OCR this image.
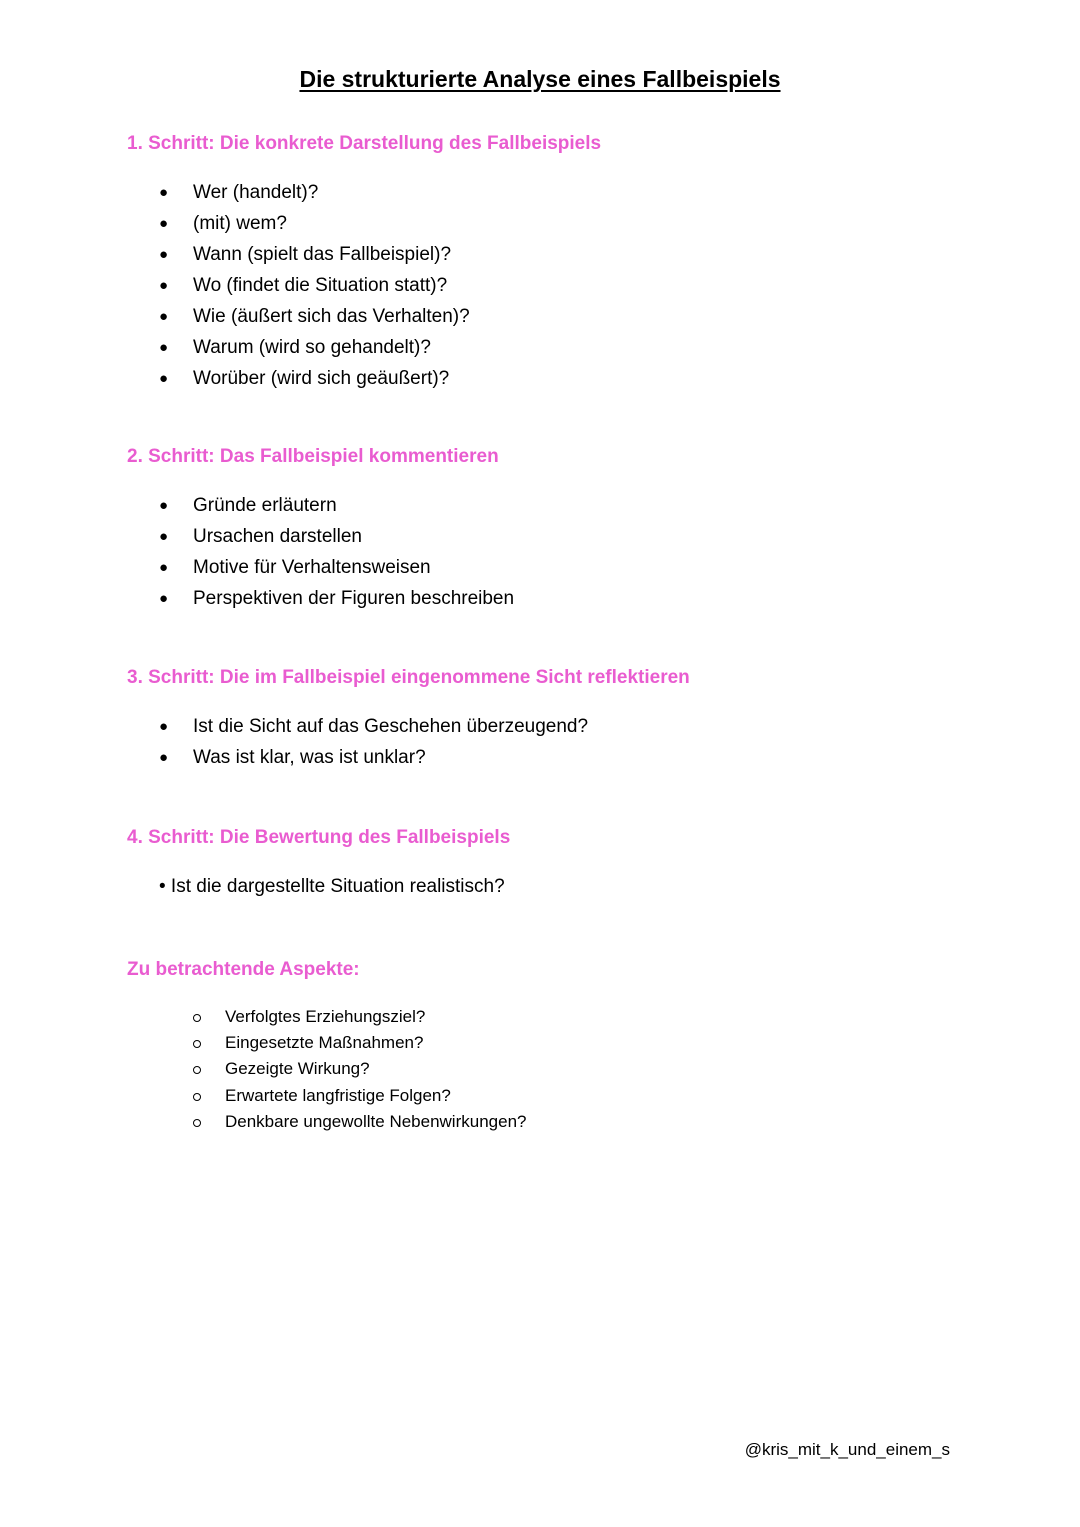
Die strukturierte Analyse eines Fallbeispiels
1. Schritt: Die konkrete Darstellung des Fallbeispiels
● Wer (handelt)?
● (mit) wem?
● Wann (spielt das Fallbeispiel)?
● Wo (findet die Situation statt)?
● Wie (äußert sich das Verhalten)?
● Warum (wird so gehandelt)?
● Worüber (wird sich geäußert)?
2. Schritt: Das Fallbeispiel kommentieren
● Gründe erläutern
● Ursachen darstellen
● Motive für Verhaltensweisen
● Perspektiven der Figuren beschreiben
3. Schritt: Die im Fallbeispiel eingenommene Sicht reflektieren
● Ist die Sicht auf das Geschehen überzeugend?
● Was ist klar, was ist unklar?
4. Schritt: Die Bewertung des Fallbeispiels
• Ist die dargestellte Situation realistisch?
Zu betrachtende Aspekte:
Verfolgtes Erziehungsziel?
Eingesetzte Maßnahmen?
Gezeigte Wirkung?
Erwartete langfristige Folgen?
Denkbare ungewollte Nebenwirkungen?
@kris_mit_k_und_einem_s
